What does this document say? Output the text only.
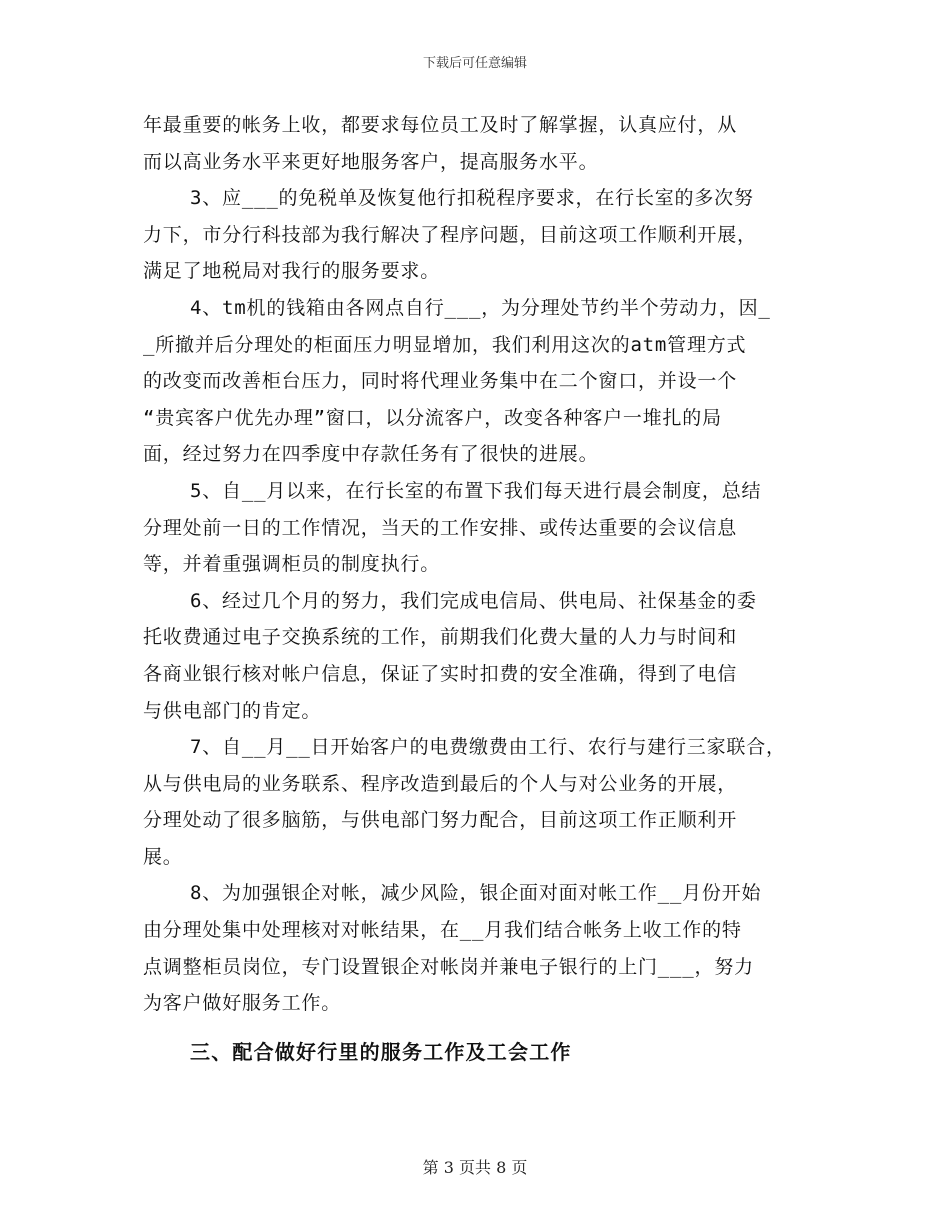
下载后可任意编辑
年最重要的帐务上收，都要求每位员工及时了解掌握，认真应付，从
而以高业务水平来更好地服务客户，提高服务水平。
3、应___的免税单及恢复他行扣税程序要求，在行长室的多次努
力下，市分行科技部为我行解决了程序问题，目前这项工作顺利开展，
满足了地税局对我行的服务要求。
4、tm机的钱箱由各网点自行___，为分理处节约半个劳动力，因_
_所撤并后分理处的柜面压力明显增加，我们利用这次的atm管理方式
的改变而改善柜台压力，同时将代理业务集中在二个窗口，并设一个
“贵宾客户优先办理”窗口，以分流客户，改变各种客户一堆扎的局
面，经过努力在四季度中存款任务有了很快的进展。
5、自__月以来，在行长室的布置下我们每天进行晨会制度，总结
分理处前一日的工作情况，当天的工作安排、或传达重要的会议信息
等，并着重强调柜员的制度执行。
6、经过几个月的努力，我们完成电信局、供电局、社保基金的委
托收费通过电子交换系统的工作，前期我们化费大量的人力与时间和
各商业银行核对帐户信息，保证了实时扣费的安全准确，得到了电信
与供电部门的肯定。
7、自__月__日开始客户的电费缴费由工行、农行与建行三家联合，
从与供电局的业务联系、程序改造到最后的个人与对公业务的开展，
分理处动了很多脑筋，与供电部门努力配合，目前这项工作正顺利开
展。
8、为加强银企对帐，减少风险，银企面对面对帐工作__月份开始
由分理处集中处理核对对帐结果，在__月我们结合帐务上收工作的特
点调整柜员岗位，专门设置银企对帐岗并兼电子银行的上门___，努力
为客户做好服务工作。
三、配合做好行里的服务工作及工会工作
第 3 页共 8 页
